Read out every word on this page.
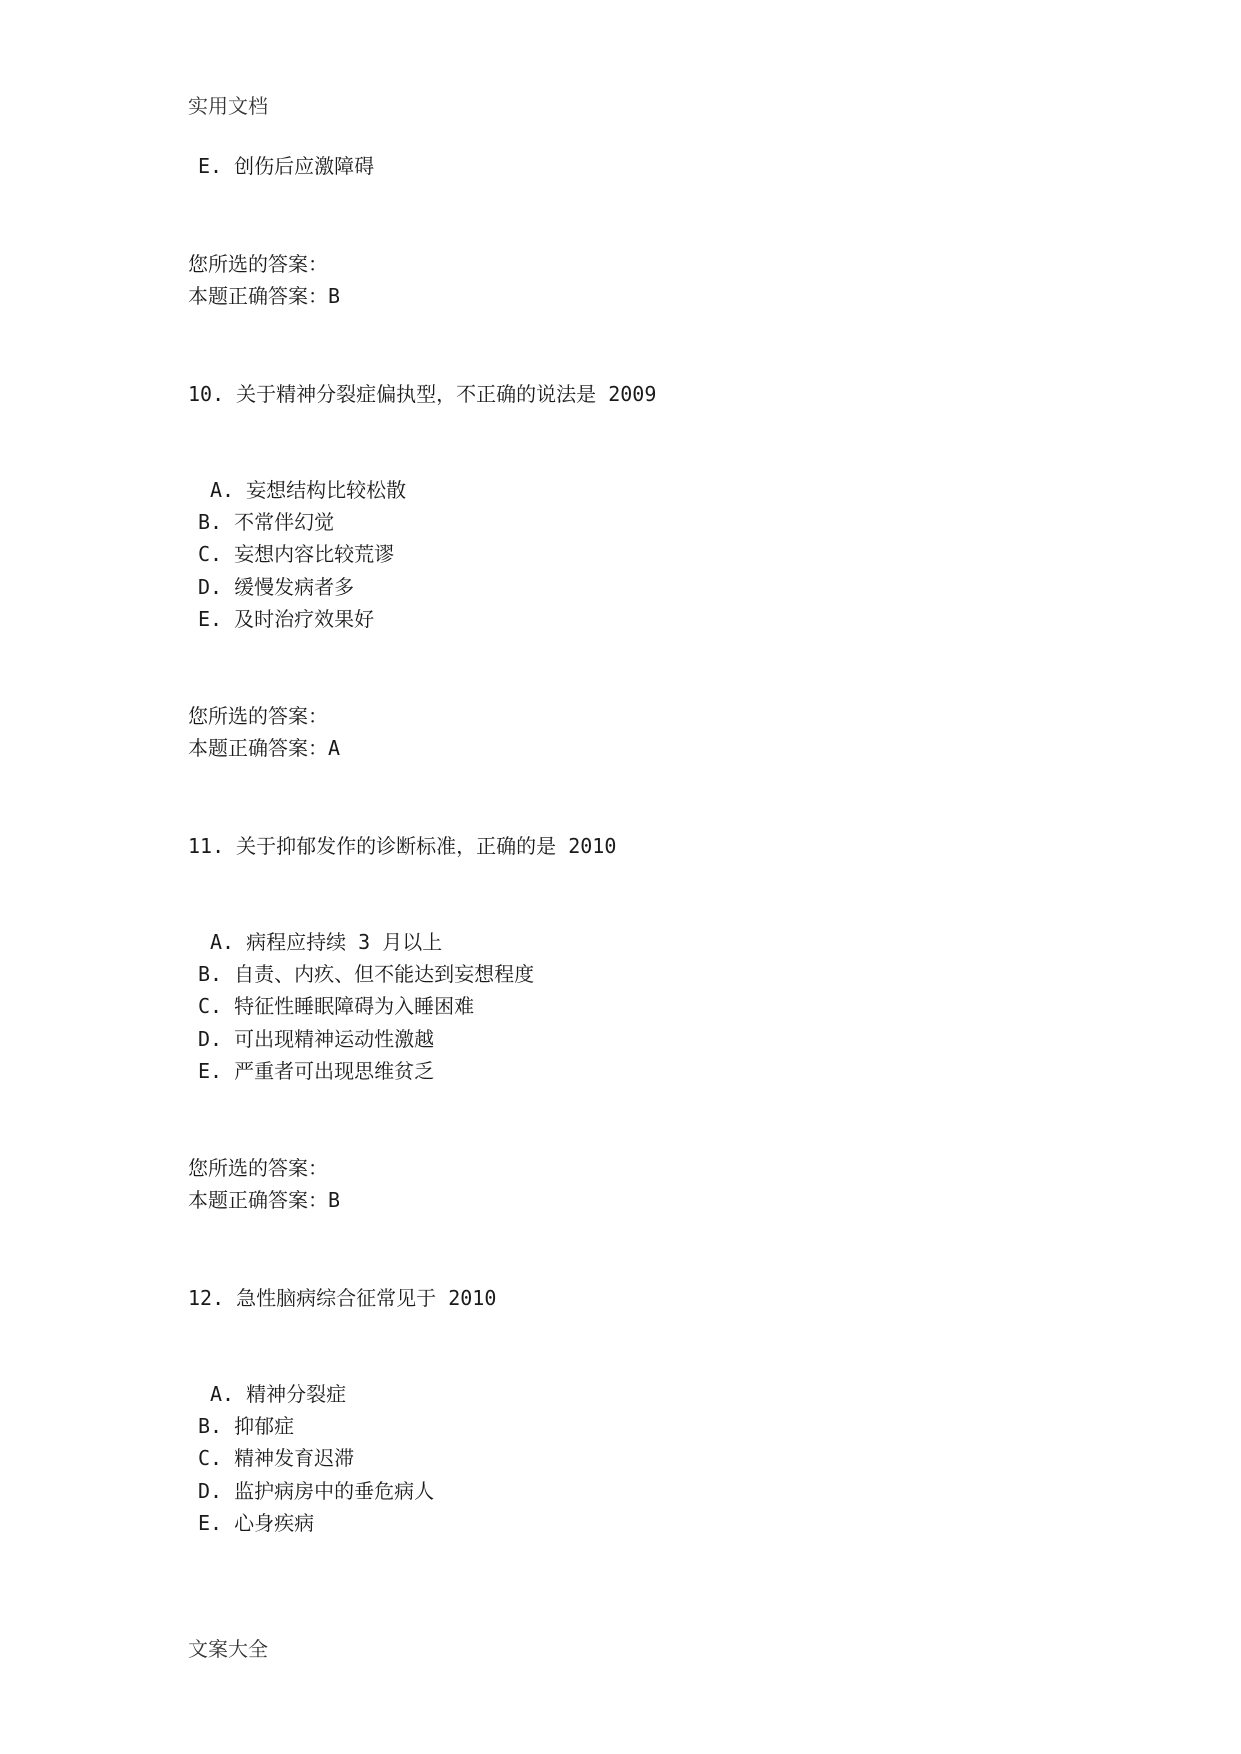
实用文档
E. 创伤后应激障碍
您所选的答案：
本题正确答案：B
10. 关于精神分裂症偏执型，不正确的说法是 2009
A. 妄想结构比较松散
B. 不常伴幻觉
C. 妄想内容比较荒谬
D. 缓慢发病者多
E. 及时治疗效果好
您所选的答案：
本题正确答案：A
11. 关于抑郁发作的诊断标准，正确的是 2010
A. 病程应持续 3 月以上
B. 自责、内疚、但不能达到妄想程度
C. 特征性睡眠障碍为入睡困难
D. 可出现精神运动性激越
E. 严重者可出现思维贫乏
您所选的答案：
本题正确答案：B
12. 急性脑病综合征常见于 2010
A. 精神分裂症
B. 抑郁症
C. 精神发育迟滞
D. 监护病房中的垂危病人
E. 心身疾病
文案大全
